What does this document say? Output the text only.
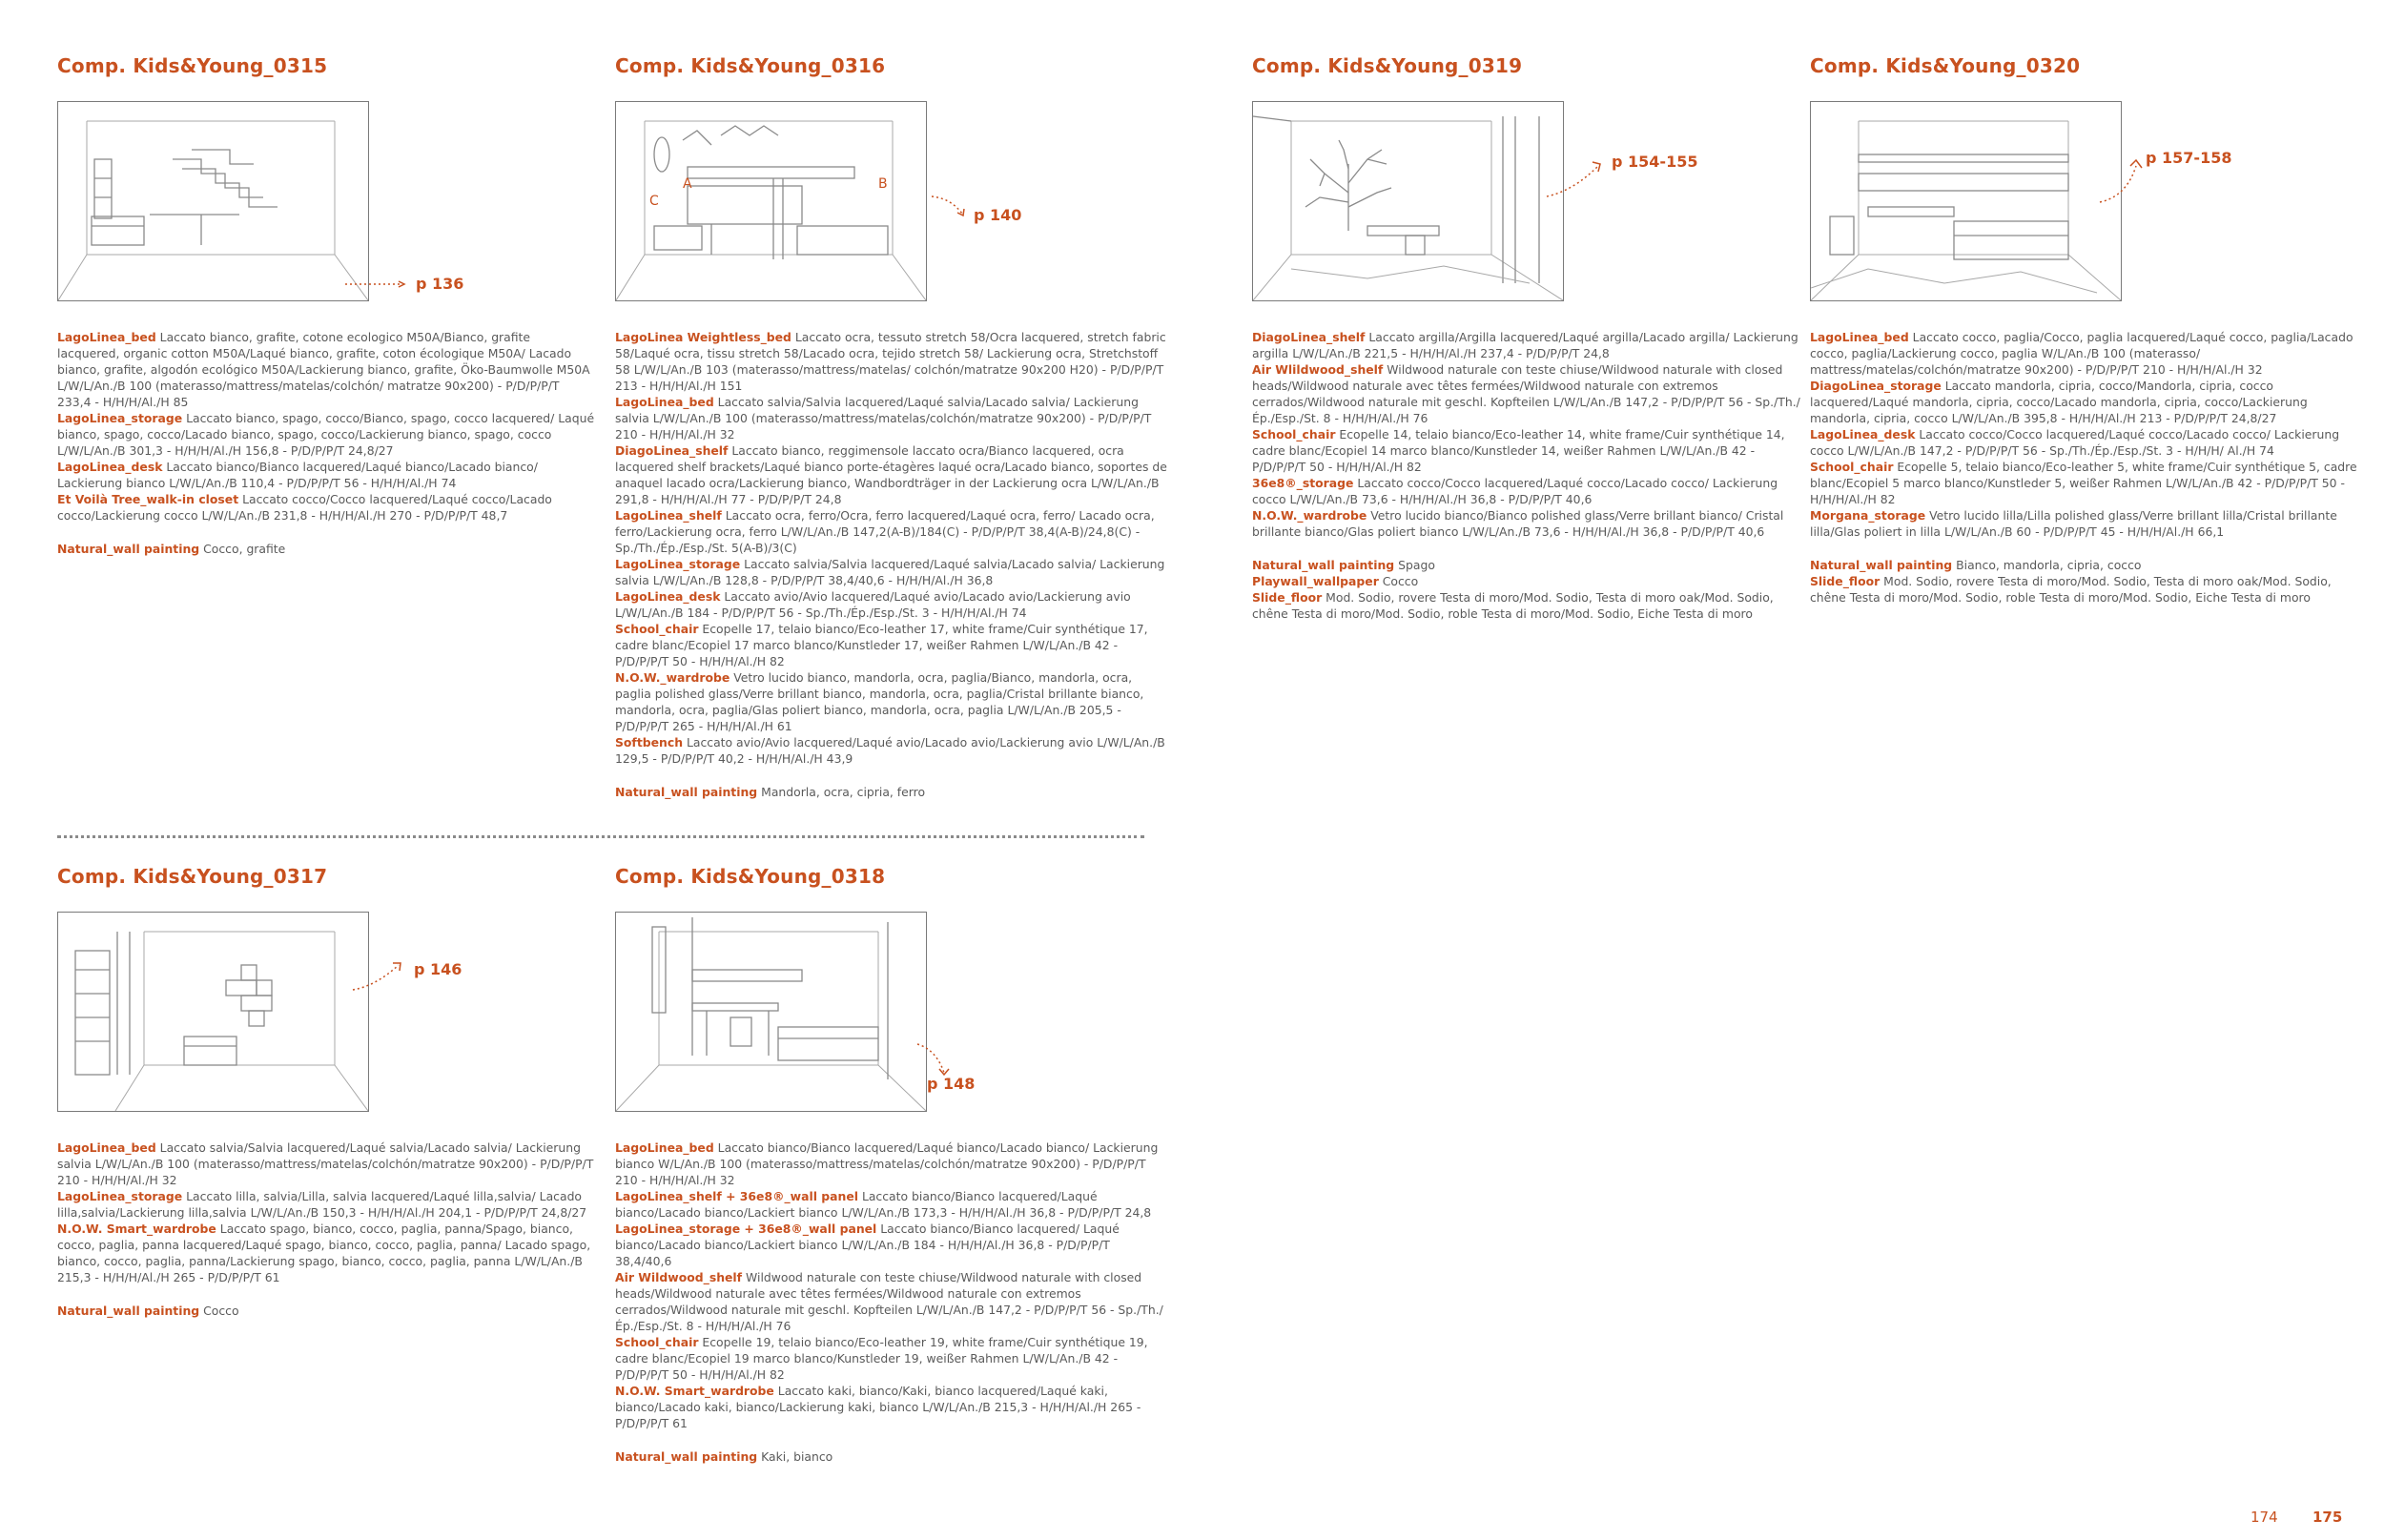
Comp. Kids&Young_0315
p 136

LagoLinea_bed Laccato bianco, grafite, cotone ecologico M50A/Bianco, grafite lacquered, organic cotton M50A/Laqué bianco, grafite, coton écologique M50A/ Lacado bianco, grafite, algodón ecológico M50A/Lackierung bianco, grafite, Öko-Baumwolle M50A L/W/L/An./B 100 (materasso/mattress/matelas/colchón/ matratze 90x200) - P/D/P/P/T 233,4 - H/H/H/Al./H 85

LagoLinea_storage Laccato bianco, spago, cocco/Bianco, spago, cocco lacquered/ Laqué bianco, spago, cocco/Lacado bianco, spago, cocco/Lackierung bianco, spago, cocco L/W/L/An./B 301,3 - H/H/H/Al./H 156,8 - P/D/P/P/T 24,8/27

LagoLinea_desk Laccato bianco/Bianco lacquered/Laqué bianco/Lacado bianco/ Lackierung bianco L/W/L/An./B 110,4 - P/D/P/P/T 56 - H/H/H/Al./H 74

Et Voilà Tree_walk-in closet Laccato cocco/Cocco lacquered/Laqué cocco/Lacado cocco/Lackierung cocco L/W/L/An./B 231,8 - H/H/H/Al./H 270 - P/D/P/P/T 48,7

Natural_wall painting Cocco, grafite

Comp. Kids&Young_0316
A	B
C
p 140

LagoLinea Weightless_bed Laccato ocra, tessuto stretch 58/Ocra lacquered, stretch fabric 58/Laqué ocra, tissu stretch 58/Lacado ocra, tejido stretch 58/ Lackierung ocra, Stretchstoff 58 L/W/L/An./B 103 (materasso/mattress/matelas/ colchón/matratze 90x200 H20) - P/D/P/P/T 213 - H/H/H/Al./H 151

LagoLinea_bed Laccato salvia/Salvia lacquered/Laqué salvia/Lacado salvia/ Lackierung salvia L/W/L/An./B 100 (materasso/mattress/matelas/colchón/matratze 90x200) - P/D/P/P/T 210 - H/H/H/Al./H 32

DiagoLinea_shelf Laccato bianco, reggimensole laccato ocra/Bianco lacquered, ocra lacquered shelf brackets/Laqué bianco porte-étagères laqué ocra/Lacado bianco, soportes de anaquel lacado ocra/Lackierung bianco, Wandbordträger in der Lackierung ocra L/W/L/An./B 291,8 - H/H/H/Al./H 77 - P/D/P/P/T 24,8

LagoLinea_shelf Laccato ocra, ferro/Ocra, ferro lacquered/Laqué ocra, ferro/ Lacado ocra, ferro/Lackierung ocra, ferro L/W/L/An./B 147,2(A-B)/184(C) - P/D/P/P/T 38,4(A-B)/24,8(C) - Sp./Th./Ép./Esp./St. 5(A-B)/3(C)

LagoLinea_storage Laccato salvia/Salvia lacquered/Laqué salvia/Lacado salvia/ Lackierung salvia L/W/L/An./B 128,8 - P/D/P/P/T 38,4/40,6 - H/H/H/Al./H 36,8

LagoLinea_desk Laccato avio/Avio lacquered/Laqué avio/Lacado avio/Lackierung avio L/W/L/An./B 184 - P/D/P/P/T 56 - Sp./Th./Ép./Esp./St. 3 - H/H/H/Al./H 74

School_chair Ecopelle 17, telaio bianco/Eco-leather 17, white frame/Cuir synthétique 17, cadre blanc/Ecopiel 17 marco blanco/Kunstleder 17, weißer Rahmen L/W/L/An./B 42 - P/D/P/P/T 50 - H/H/H/Al./H 82

N.O.W._wardrobe Vetro lucido bianco, mandorla, ocra, paglia/Bianco, mandorla, ocra, paglia polished glass/Verre brillant bianco, mandorla, ocra, paglia/Cristal brillante bianco, mandorla, ocra, paglia/Glas poliert bianco, mandorla, ocra, paglia L/W/L/An./B 205,5 - P/D/P/P/T 265 - H/H/H/Al./H 61

Softbench Laccato avio/Avio lacquered/Laqué avio/Lacado avio/Lackierung avio L/W/L/An./B 129,5 - P/D/P/P/T 40,2 - H/H/H/Al./H 43,9

Natural_wall painting Mandorla, ocra, cipria, ferro

Comp. Kids&Young_0317
p 146

LagoLinea_bed Laccato salvia/Salvia lacquered/Laqué salvia/Lacado salvia/ Lackierung salvia L/W/L/An./B 100 (materasso/mattress/matelas/colchón/matratze 90x200) - P/D/P/P/T 210 - H/H/H/Al./H 32

LagoLinea_storage Laccato lilla, salvia/Lilla, salvia lacquered/Laqué lilla,salvia/ Lacado lilla,salvia/Lackierung lilla,salvia L/W/L/An./B 150,3 - H/H/H/Al./H 204,1 - P/D/P/P/T 24,8/27

N.O.W. Smart_wardrobe Laccato spago, bianco, cocco, paglia, panna/Spago, bianco, cocco, paglia, panna lacquered/Laqué spago, bianco, cocco, paglia, panna/ Lacado spago, bianco, cocco, paglia, panna/Lackierung spago, bianco, cocco, paglia, panna L/W/L/An./B 215,3 - H/H/H/Al./H 265 - P/D/P/P/T 61

Natural_wall painting Cocco

Comp. Kids&Young_0318
p 148

LagoLinea_bed Laccato bianco/Bianco lacquered/Laqué bianco/Lacado bianco/ Lackierung bianco W/L/An./B 100 (materasso/mattress/matelas/colchón/matratze 90x200) - P/D/P/P/T 210 - H/H/H/Al./H 32

LagoLinea_shelf + 36e8®_wall panel Laccato bianco/Bianco lacquered/Laqué bianco/Lacado bianco/Lackiert bianco L/W/L/An./B 173,3 - H/H/H/Al./H 36,8 - P/D/P/P/T 24,8

LagoLinea_storage + 36e8®_wall panel Laccato bianco/Bianco lacquered/ Laqué bianco/Lacado bianco/Lackiert bianco L/W/L/An./B 184 - H/H/H/Al./H 36,8 - P/D/P/P/T 38,4/40,6

Air Wildwood_shelf Wildwood naturale con teste chiuse/Wildwood naturale with closed heads/Wildwood naturale avec têtes fermées/Wildwood naturale con extremos cerrados/Wildwood naturale mit geschl. Kopfteilen L/W/L/An./B 147,2 - P/D/P/P/T 56 - Sp./Th./Ép./Esp./St. 8 - H/H/H/Al./H 76

School_chair Ecopelle 19, telaio bianco/Eco-leather 19, white frame/Cuir synthétique 19, cadre blanc/Ecopiel 19 marco blanco/Kunstleder 19, weißer Rahmen L/W/L/An./B 42 - P/D/P/P/T 50 - H/H/H/Al./H 82

N.O.W. Smart_wardrobe Laccato kaki, bianco/Kaki, bianco lacquered/Laqué kaki, bianco/Lacado kaki, bianco/Lackierung kaki, bianco L/W/L/An./B 215,3 - H/H/H/Al./H 265 - P/D/P/P/T 61

Natural_wall painting Kaki, bianco

Comp. Kids&Young_0319
p 154-155

DiagoLinea_shelf Laccato argilla/Argilla lacquered/Laqué argilla/Lacado argilla/ Lackierung argilla L/W/L/An./B 221,5 - H/H/H/Al./H 237,4 - P/D/P/P/T 24,8

Air Wlildwood_shelf Wildwood naturale con teste chiuse/Wildwood naturale with closed heads/Wildwood naturale avec têtes fermées/Wildwood naturale con extremos cerrados/Wildwood naturale mit geschl. Kopfteilen L/W/L/An./B 147,2 - P/D/P/P/T 56 - Sp./Th./Ép./Esp./St. 8 - H/H/H/Al./H 76

School_chair Ecopelle 14, telaio bianco/Eco-leather 14, white frame/Cuir synthétique 14, cadre blanc/Ecopiel 14 marco blanco/Kunstleder 14, weißer Rahmen L/W/L/An./B 42 - P/D/P/P/T 50 - H/H/H/Al./H 82

36e8®_storage Laccato cocco/Cocco lacquered/Laqué cocco/Lacado cocco/ Lackierung cocco L/W/L/An./B 73,6 - H/H/H/Al./H 36,8 - P/D/P/P/T 40,6

N.O.W._wardrobe Vetro lucido bianco/Bianco polished glass/Verre brillant bianco/ Cristal brillante bianco/Glas poliert bianco L/W/L/An./B 73,6 - H/H/H/Al./H 36,8 - P/D/P/P/T 40,6

Natural_wall painting Spago

Playwall_wallpaper Cocco

Slide_floor Mod. Sodio, rovere Testa di moro/Mod. Sodio, Testa di moro oak/Mod. Sodio, chêne Testa di moro/Mod. Sodio, roble Testa di moro/Mod. Sodio, Eiche Testa di moro

Comp. Kids&Young_0320
p 157-158

LagoLinea_bed Laccato cocco, paglia/Cocco, paglia lacquered/Laqué cocco, paglia/Lacado cocco, paglia/Lackierung cocco, paglia W/L/An./B 100 (materasso/ mattress/matelas/colchón/matratze 90x200) - P/D/P/P/T 210 - H/H/H/Al./H 32

DiagoLinea_storage Laccato mandorla, cipria, cocco/Mandorla, cipria, cocco lacquered/Laqué mandorla, cipria, cocco/Lacado mandorla, cipria, cocco/Lackierung mandorla, cipria, cocco L/W/L/An./B 395,8 - H/H/H/Al./H 213 - P/D/P/P/T 24,8/27

LagoLinea_desk Laccato cocco/Cocco lacquered/Laqué cocco/Lacado cocco/ Lackierung cocco L/W/L/An./B 147,2 - P/D/P/P/T 56 - Sp./Th./Ép./Esp./St. 3 - H/H/H/ Al./H 74

School_chair Ecopelle 5, telaio bianco/Eco-leather 5, white frame/Cuir synthétique 5, cadre blanc/Ecopiel 5 marco blanco/Kunstleder 5, weißer Rahmen L/W/L/An./B 42 - P/D/P/P/T 50 - H/H/H/Al./H 82

Morgana_storage Vetro lucido lilla/Lilla polished glass/Verre brillant lilla/Cristal brillante lilla/Glas poliert in lilla L/W/L/An./B 60 - P/D/P/P/T 45 - H/H/H/Al./H 66,1

Natural_wall painting Bianco, mandorla, cipria, cocco

Slide_floor Mod. Sodio, rovere Testa di moro/Mod. Sodio, Testa di moro oak/Mod. Sodio, chêne Testa di moro/Mod. Sodio, roble Testa di moro/Mod. Sodio, Eiche Testa di moro

174 175
